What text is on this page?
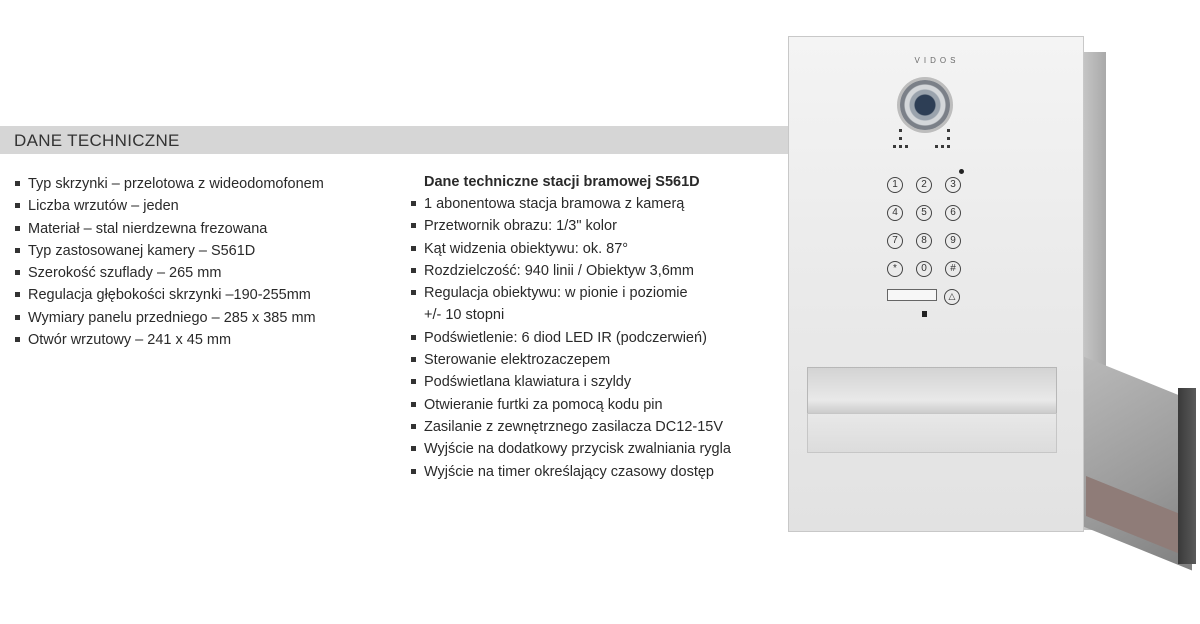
DANE TECHNICZNE
Typ skrzynki – przelotowa z wideodomofonem
Liczba wrzutów – jeden
Materiał – stal nierdzewna frezowana
Typ zastosowanej kamery – S561D
Szerokość szuflady – 265 mm
Regulacja głębokości skrzynki –190-255mm
Wymiary panelu przedniego – 285 x 385 mm
Otwór wrzutowy – 241 x 45 mm
Dane techniczne stacji bramowej S561D
1 abonentowa stacja bramowa z kamerą
Przetwornik obrazu: 1/3" kolor
Kąt widzenia obiektywu: ok. 87°
Rozdzielczość: 940 linii / Obiektyw 3,6mm
Regulacja obiektywu: w pionie i poziomie
+/- 10 stopni
Podświetlenie: 6 diod LED IR (podczerwień)
Sterowanie elektrozaczepem
Podświetlana klawiatura i szyldy
Otwieranie furtki za pomocą kodu pin
Zasilanie z zewnętrznego zasilacza DC12-15V
Wyjście na dodatkowy przycisk zwalniania rygla
Wyjście na timer określający czasowy dostęp
VIDOS
1	2	3
4	5	6
7	8	9
*	0	#
△
